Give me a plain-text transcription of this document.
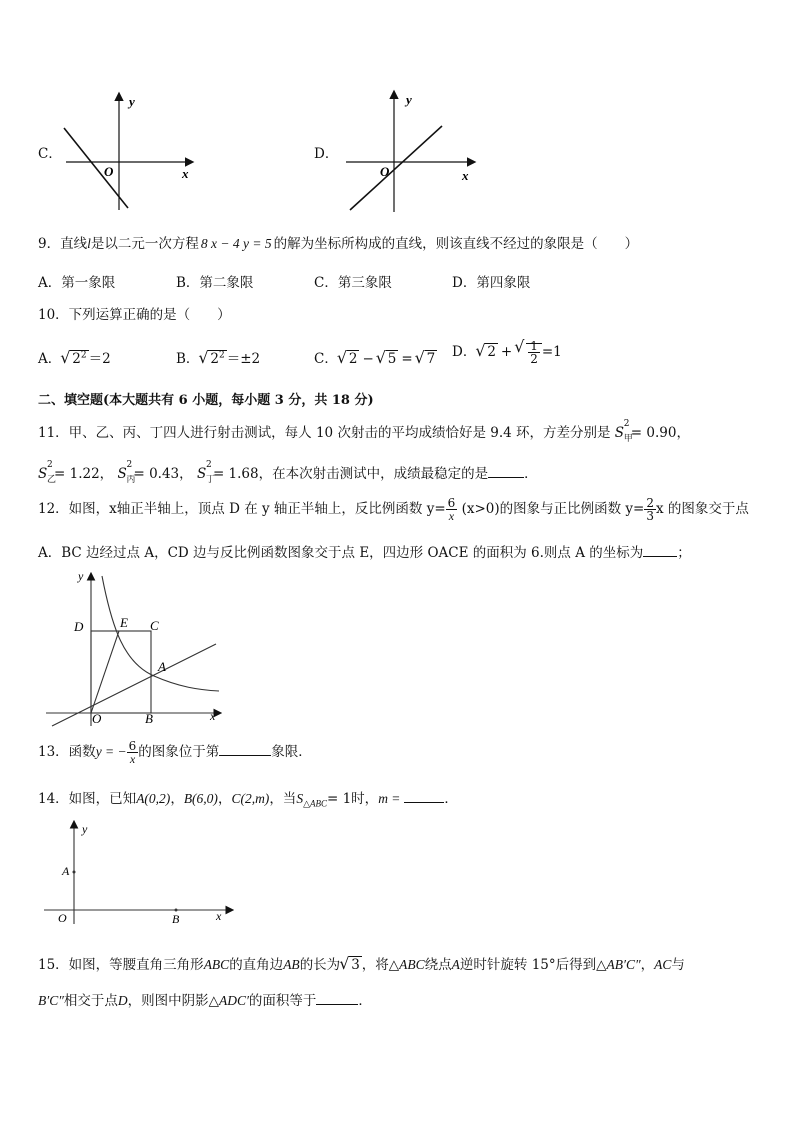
C．
y
x
O
D．
y
x
O
9．直线l是以二元一次方程 8 x − 4 y = 5 的解为坐标所构成的直线，则该直线不经过的象限是（　　）
A．第一象限	B．第二象限	C．第三象限	D．第四象限
10．下列运算正确的是（　　）
A． √ $2^2 =2$	B． √ $2^2 =\pm 2$	C． √ 2 − √ 5 = √ 7 D． √ 2 + √ $\frac{1}{2} =1$
二、填空题(本大题共有 6 小题，每小题 3 分，共 18 分)
11．甲、乙、丙、丁四人进行射击测试，每人 10 次射击的平均成绩恰好是 9.4 环，方差分别是 S
2
甲
= 0.90，
S
2
乙
= 1.22， S
2
丙
= 0.43， S
2
丁
= 1.68，在本次射击测试中，成绩最稳定的是	．
12．如图，x轴正半轴上，顶点 D 在 y 轴正半轴上，反比例函数 $y= \frac{6}{x} (x>0)$的图象与正比例函数 $y= \frac{2}{3}$ x 的图象交于点
A．BC 边经过点 A，CD 边与反比例函数图象交于点 E，四边形 OACE 的面积为 6.则点 A 的坐标为	；
y
x
D	E C
A
O	B
13．函数y = − $\frac{6}{x}$ 的图象位于第	象限．
14．如图，已知A(0,2)，B(6,0)，C(2,m)，当$S_{\triangle ABC}= 1$时，m =	．
y
x
A
O	B
15．如图，等腰直角三角形ABC的直角边AB的长为 √ 3 ，将△ABC绕点A逆时针旋转 15°后得到△AB′C″，AC与
B′C″相交于点D，则图中阴影△ADC′的面积等于	．
